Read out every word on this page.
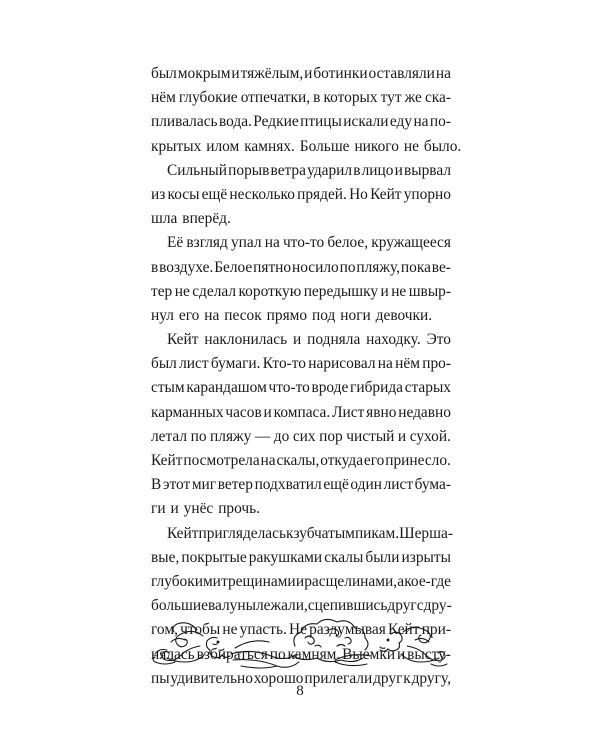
был мокрым и тяжёлым, и ботинки оставляли на
нём глубокие отпечатки, в которых тут же ска-
пливалась вода. Редкие птицы искали еду на по-
крытых илом камнях. Больше никого не было.
Сильный порыв ветра ударил в лицо и вырвал
из косы ещё несколько прядей. Но Кейт упорно
шла вперёд.
Её взгляд упал на что-то белое, кружащееся
в воздухе. Белое пятно носило по пляжу, пока ве-
тер не сделал короткую передышку и не швыр-
нул его на песок прямо под ноги девочки.
Кейт наклонилась и подняла находку. Это
был лист бумаги. Кто-то нарисовал на нём про-
стым карандашом что-то вроде гибрида старых
карманных часов и компаса. Лист явно недавно
летал по пляжу — до сих пор чистый и сухой.
Кейт посмотрела на скалы, откуда его принесло.
В этот миг ветер подхватил ещё один лист бума-
ги и унёс прочь.
Кейт пригляделась к зубчатым пикам. Шерша-
вые, покрытые ракушками скалы были изрыты
глубокими трещинами и расщелинами, а кое-где
большие валуны лежали, сцепившись друг с дру-
гом, чтобы не упасть. Не раздумывая Кейт при-
нялась взбираться по камням. Выемки и высту-
пы удивительно хорошо прилегали друг к другу,
8
